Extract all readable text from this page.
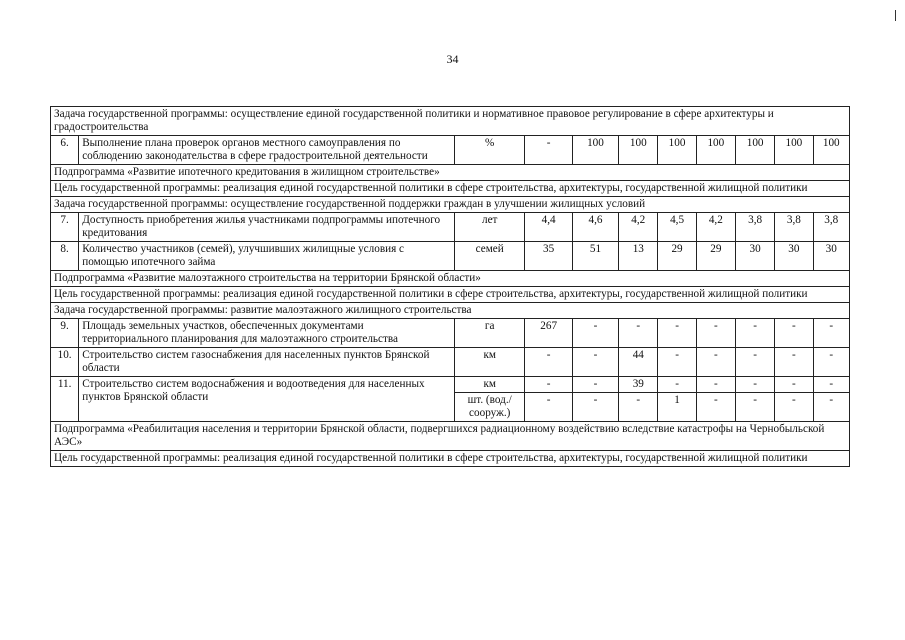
34
Задача государственной программы: осуществление единой государственной политики и нормативное правовое регулирование в сфере архитектуры и градостроительства										
6.	Выполнение плана проверок органов местного самоуправления по соблюдению законодательства в сфере градостроительной деятельности	%	-	100	100	100	100	100	100	100
Подпрограмма «Развитие ипотечного кредитования в жилищном строительстве»										
Цель государственной программы: реализация единой государственной политики в сфере строительства, архитектуры, государственной жилищной политики										
Задача государственной программы: осуществление государственной поддержки граждан в улучшении жилищных условий										
7.	Доступность приобретения жилья участниками подпрограммы ипотечного кредитования	лет	4,4	4,6	4,2	4,5	4,2	3,8	3,8	3,8
8.	Количество участников (семей), улучшивших жилищные условия с помощью ипотечного займа	семей	35	51	13	29	29	30	30	30
Подпрограмма «Развитие малоэтажного строительства на территории Брянской области»										
Цель государственной программы: реализация единой государственной политики в сфере строительства, архитектуры, государственной жилищной политики										
Задача государственной программы: развитие малоэтажного жилищного строительства										
9.	Площадь земельных участков, обеспеченных документами территориального планирования для малоэтажного строительства	га	267	-	-	-	-	-	-	-
10.	Строительство систем газоснабжения для населенных пунктов Брянской области	км	-	-	44	-	-	-	-	-
11.	Строительство систем водоснабжения и водоотведения для населенных пунктов Брянской области	км	-	-	39	-	-	-	-	-
		шт. (вод./ сооруж.)	-	-	-	1	-	-	-	-
Подпрограмма «Реабилитация населения и территории Брянской области, подвергшихся радиационному воздействию вследствие катастрофы на Чернобыльской АЭС»										
Цель государственной программы: реализация единой государственной политики в сфере строительства, архитектуры, государственной жилищной политики										
